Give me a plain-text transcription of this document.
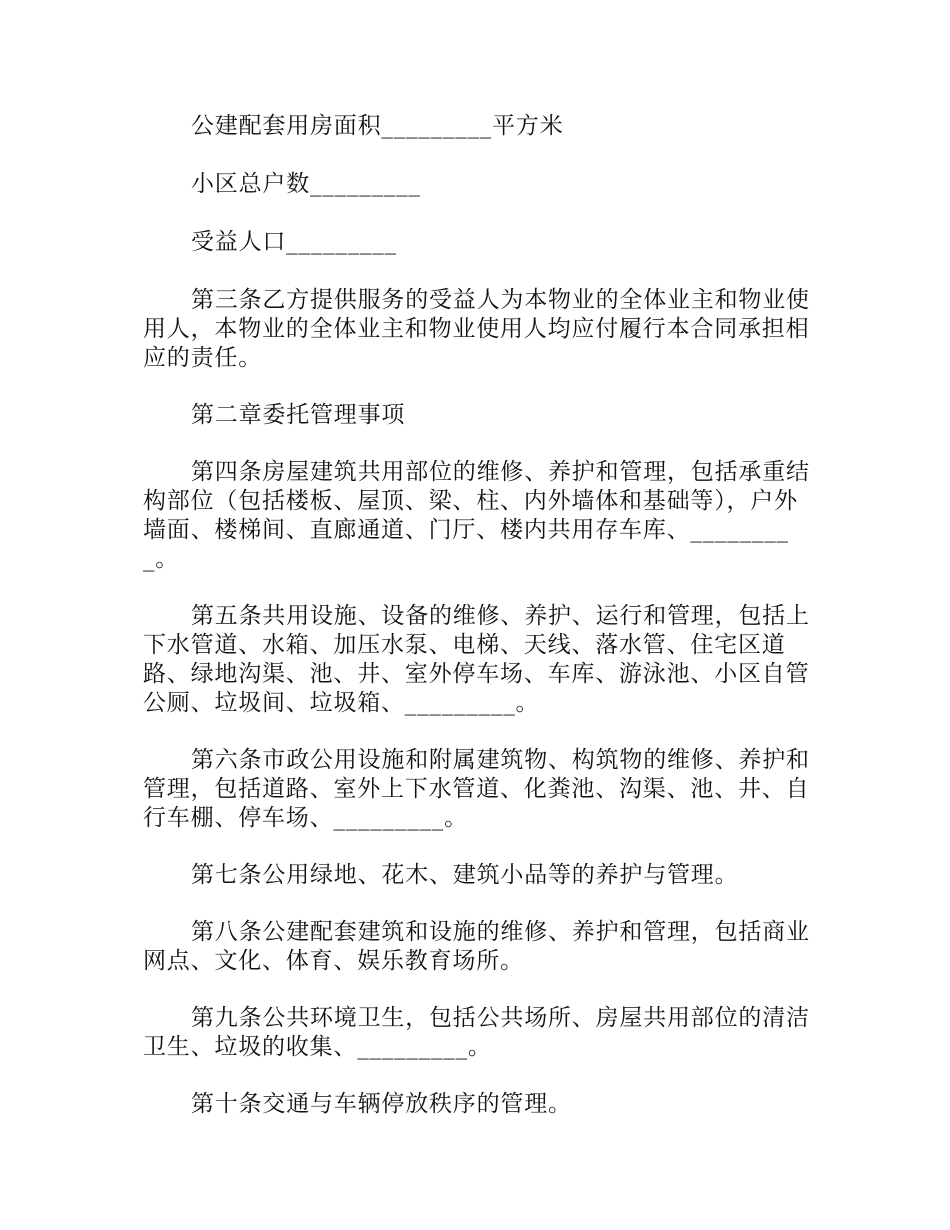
公建配套用房面积_________平方米

小区总户数_________

受益人口_________

第三条乙方提供服务的受益人为本物业的全体业主和物业使用人，本物业的全体业主和物业使用人均应付履行本合同承担相应的责任。

第二章委托管理事项

第四条房屋建筑共用部位的维修、养护和管理，包括承重结构部位（包括楼板、屋顶、梁、柱、内外墙体和基础等），户外墙面、楼梯间、直廊通道、门厅、楼内共用存车库、_________。

第五条共用设施、设备的维修、养护、运行和管理，包括上下水管道、水箱、加压水泵、电梯、天线、落水管、住宅区道路、绿地沟渠、池、井、室外停车场、车库、游泳池、小区自管公厕、垃圾间、垃圾箱、_________。

第六条市政公用设施和附属建筑物、构筑物的维修、养护和管理，包括道路、室外上下水管道、化粪池、沟渠、池、井、自行车棚、停车场、_________。

第七条公用绿地、花木、建筑小品等的养护与管理。

第八条公建配套建筑和设施的维修、养护和管理，包括商业网点、文化、体育、娱乐教育场所。

第九条公共环境卫生，包括公共场所、房屋共用部位的清洁卫生、垃圾的收集、_________。

第十条交通与车辆停放秩序的管理。
